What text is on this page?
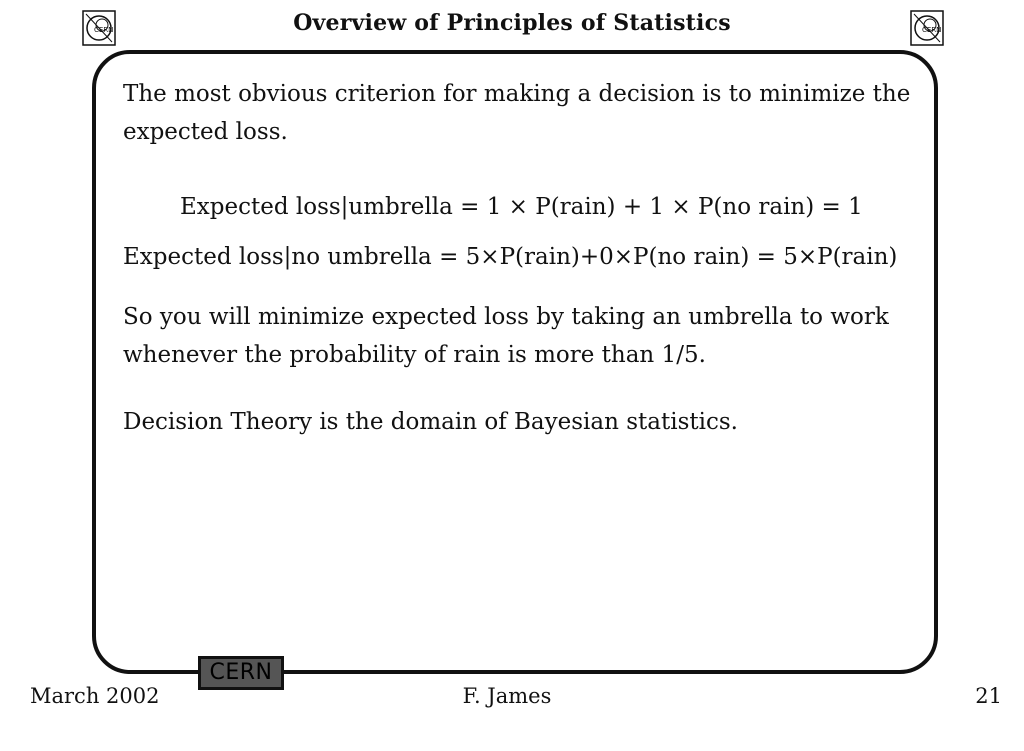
Overview of Principles of Statistics
CERN	CERN

The most obvious criterion for making a decision is to minimize the expected loss.

Expected loss|umbrella = 1 × P(rain) + 1 × P(no rain) = 1
Expected loss|no umbrella = 5×P(rain)+0×P(no rain) = 5×P(rain)

So you will minimize expected loss by taking an umbrella to work whenever the probability of rain is more than 1/5.

Decision Theory is the domain of Bayesian statistics.

CERN
March 2002	F. James	21
